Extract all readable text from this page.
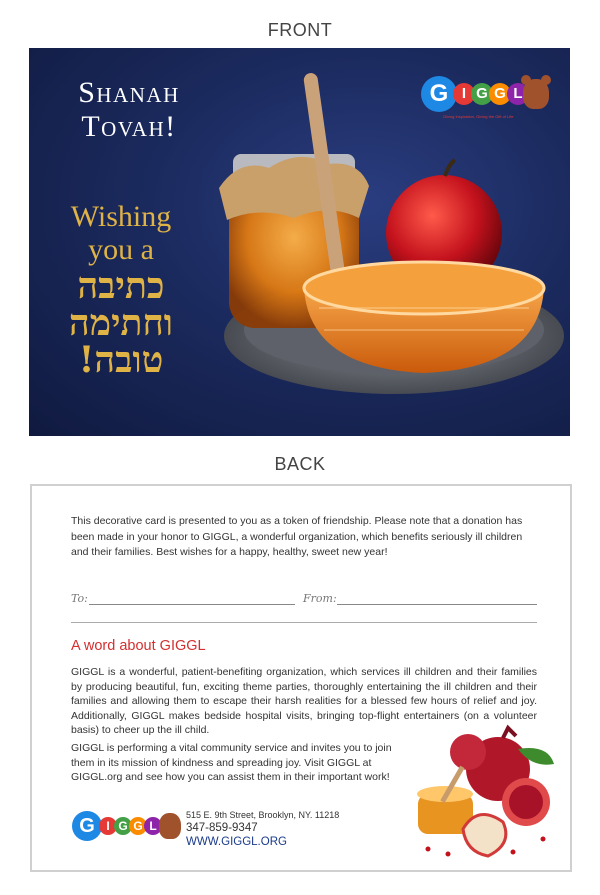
FRONT
Shanah
Tovah!
Wishing
you a
כתיבה
וחתימה
טובה!
G I G G L
Giving Inspiration, Giving the Gift of Life
BACK

This decorative card is presented to you as a token of friendship. Please note that a donation has been made in your honor to GIGGL, a wonderful organization, which benefits seriously ill children and their families. Best wishes for a happy, healthy, sweet new year!

To:	From:
A word about GIGGL

GIGGL is a wonderful, patient-benefiting organization, which services ill children and their families by producing beautiful, fun, exciting theme parties, thoroughly entertaining the ill children and their families and allowing them to escape their harsh realities for a blessed few hours of relief and joy. Additionally, GIGGL makes bedside hospital visits, bringing top-flight entertainers (on a volunteer basis) to cheer up the ill child.

GIGGL is performing a vital community service and invites you to join them in its mission of kindness and spreading joy. Visit GIGGL at GIGGL.org and see how you can assist them in their important work!

G I G G L
515 E. 9th Street, Brooklyn, NY. 11218
347-859-9347
WWW.GIGGL.ORG
